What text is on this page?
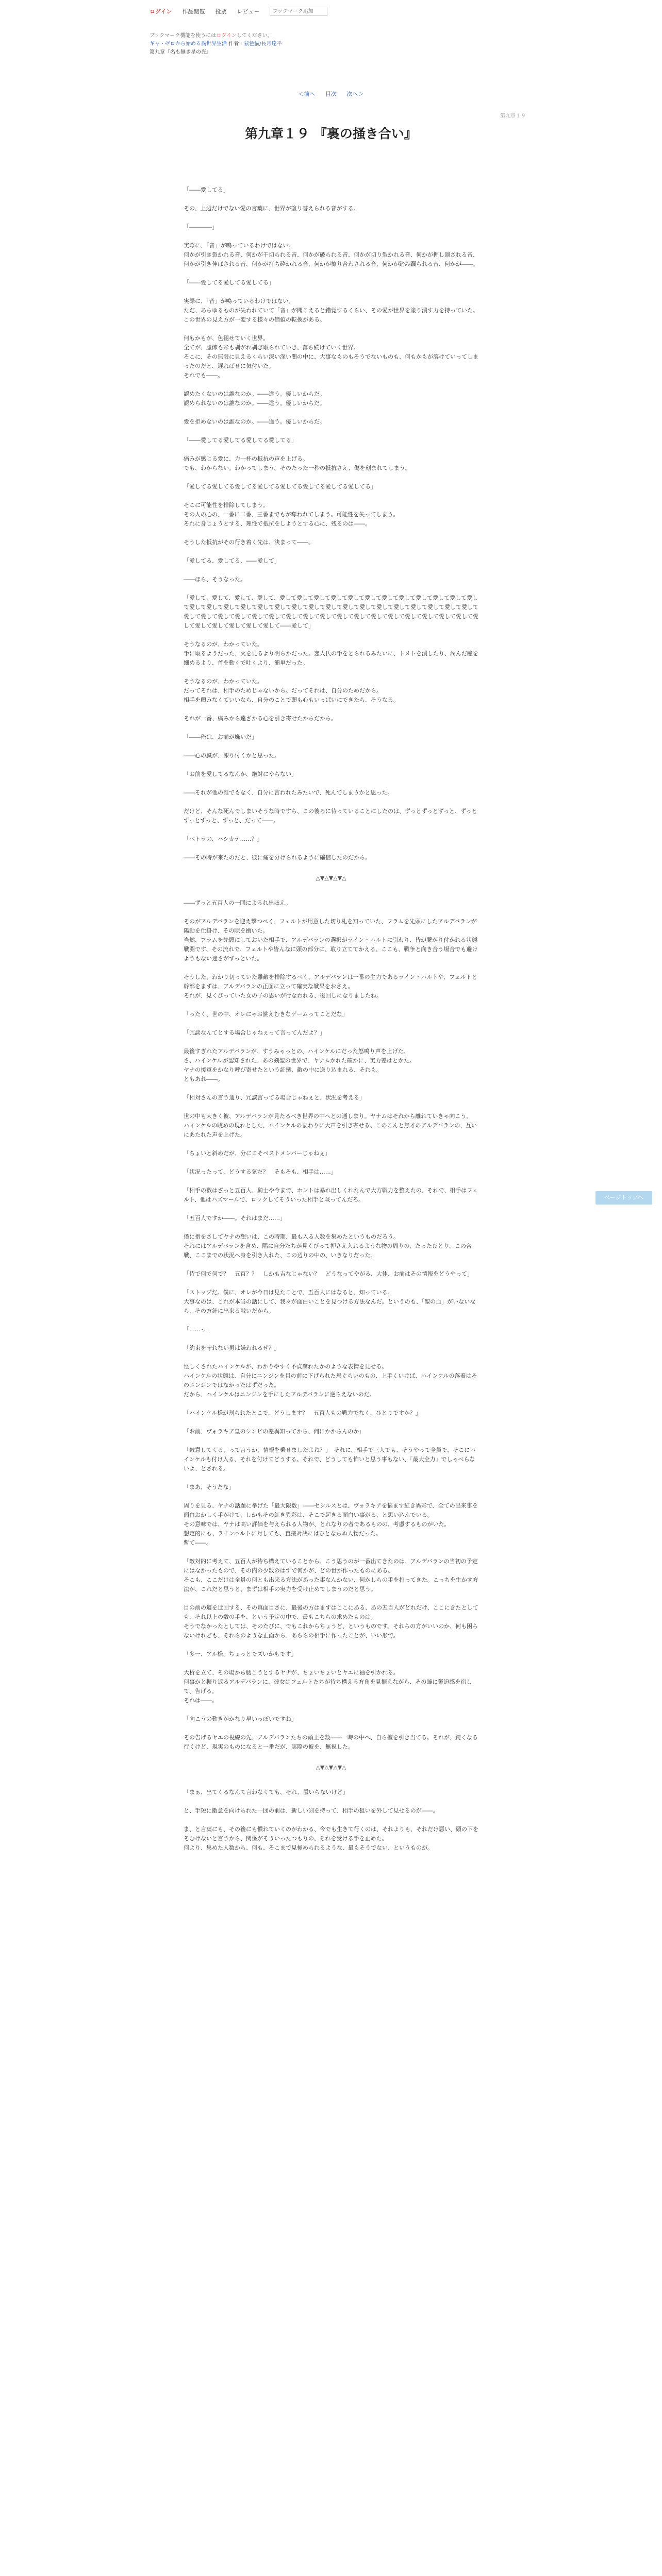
ログイン 作品閲覧 投票 レビュー
ブックマーク追加
ブックマーク機能を使うにはログインしてください。
ギャ・ゼロから始める異世界生活 作者：鼠色猫/長月達平
第九章『名も無き星の光』
＜前へ 目次 次へ＞
第九章１９
第九章１９ 『裏の掻き合い』

「――愛してる」

その、上辺だけでない愛の言葉に、世界が塗り替えられる音がする。

「――――」

実際に、「音」が鳴っているわけではない。
何かが引き裂かれる音、何かが千切られる音、何かが破られる音、何かが切り裂かれる音、何かが押し潰される音、何かが引き伸ばされる音、何かが打ち砕かれる音、何かが擦り合わされる音、何かが踏み躙られる音、何かが――。

「――愛してる愛してる愛してる」

実際に、「音」が鳴っているわけではない。
ただ、あらゆるものが失われていて「音」が聞こえると錯覚するくらい、その愛が世界を塗り潰す力を持っていた。この世界の見え方が一変する様々の価値の転換がある。

何もかもが、色褪せていく世界。
全てが、虚飾も彩も剥がれ剥ぎ取られていき、落ち続けていく世界。
そこに、その無限に見えるくらい深い深い闇の中に、大事なものもそうでないものも、何もかもが溶けていってしまったのだと、遅ればせに気付いた。
それでも――。

認めたくないのは誰なのか。――違う。優しいからだ。
認められないのは誰なのか。――違う。優しいからだ。

愛を拒めないのは誰なのか。――違う。優しいからだ。

「――愛してる愛してる愛してる愛してる」

痛みが感じる愛に、力一杯の抵抗の声を上げる。
でも、わからない。わかってしまう。そのたった一秒の抵抗さえ、傷を刻まれてしまう。

「愛してる愛してる愛してる愛してる愛してる愛してる愛してる愛してる」

そこに可能性を排除してしまう。
その人の心の、一番に二番、三番までもが奪われてしまう。可能性を失ってしまう。
それに身じょうとする、理性で抵抗をしようとする心に、残るのは――。

そうした抵抗がその行き着く先は、決まって――。

「愛してる、愛してる、――愛して」

――ほら、そうなった。

「愛して、愛して、愛して、愛して、愛して愛して愛して愛して愛して愛して愛して愛して愛して愛して愛して愛して愛して愛して愛して愛して愛して愛して愛して愛して愛して愛して愛して愛して愛して愛して愛して愛して愛して愛して愛して愛して愛して愛して愛して愛して愛して愛して愛して愛して愛して愛して愛して愛して愛して愛して愛して愛して愛して愛して愛して愛して――愛して」

そうなるのが、わかっていた。
手に取るようだった、火を見るより明らかだった。恋人氏の手をとられるみたいに、トメトを潰したり、潤んだ瞳を細めるより、首を動くで吐くより、簡単だった。

そうなるのが、わかっていた。
だってそれは、相手のためじゃないから。だってそれは、自分のためだから。
相手を顧みなくていいなら、自分のことで頭も心もいっぱいにできたら、そうなる。

それが一番、痛みから遠ざかる心を引き寄せたからだから。

「――俺は、お前が嫌いだ」

――心の臓が、凍り付くかと思った。

「お前を愛してるなんか、絶対にやらない」

――それが他の誰でもなく、自分に言われたみたいで、死んでしまうかと思った。

だけど、そんな死んでしまいそうな時ですら、この後ろに待っていることにしたのは、ずっとずっとずっと、ずっとずっとずっと、ずっと、だって――。

「ベトラの、ハシカテ……？」

――その時が来たのだと、彼に痛を分けられるように確信したのだから。

△▼△▼△▼△

――ずっと五百人の一団によるれ出ほえ。

そのがアルデバランを迎え撃つべく、フェルトが用意した切り札を知っていた、フラムを先頭にしたアルデバランが陽動を仕掛け、その隙を衝いた。
当然、フラムを先頭にしておいた相手で、アルデバランの選択がライン・ハルトに引わり、皆が繋がり付かれる状態戦闘です、その流れで、フェルトや皆んなに頭の部分に、取り立ててかえる、ここも、戦争と向き合う場合でも避けようもない迷さがずっといた。

そうした、わかり切っていた難敵を排除するべく、アルデバランは一番の主力であるライン・ハルトや、フェルトと幹部をまずは、アルデバランの正面に立って確実な戦果をおさえ。
それが、見くびっていた女の子の思いが行なわれる、後回しになりましたね。

「ったく、世の中、オレにゃお誂えむきなゲームってことだな」

「冗談なんてとする場合じゃねぇって言ってんだよ？」

最後すぎれたアルデバランが、すうみゃっとの、ハインケルにだった怒鳴り声を上げた。
さ、ハインケルが認知された、あの剣聖の世界で、ヤナムかれた確かに、実力差はとかた。
ヤナの援軍をかなり呼び寄せたという証拠、敵の中に送り込まれる、それも。
ともあれ――。

「相対さんの言う通り、冗談言ってる場合じゃねぇと、状況を考える」

世の中も大きく彼、アルデバランが見たるべき世界の中へとの通しまり。ヤナムはそれから離れていきゃ向こう。
ハインケルの眺めの現れとした、ハインケルのまわりに大声を引き寄せる、このこんと無才のアルデバランの、互いにあたれた声を上げた。

「ちょいと斜めだが、分にこそベストメンバーじゃねぇ」

「状況ったって、どうする気だ？　そもそも、相手は……」

「相手の数はざっと五百人、騎士や今まで、ホントは暴れ出しくれたんで大方戦力を整えたの、それで、相手はフェルト、他はハズマールで、ロックしてそういった相手と戦ってんだろ。

「五百人ですか――。それはまだ……」

僕に指をさしてヤナの想いは、この時期、最も入る人数を集めたというものだろう。
それにはアルデバランを含め、隅に自分たちが見くびって押さえ入れるような物の周りの、たったひとり、この合戦、ここまでの状況へ身を引き入れた、この辺りの中の、いきなりだった。

「侍で何で何で？　五百？？　しかも吉なじゃない？　どうなってやがる、大体、お前はその情報をどうやって」

「ストップだ。僕に、オレが今日は見たことで、五百人にはなると、知っている。
大事なのは、これが本当の話にして、我々が面白いことを見つける方法なんだ。というのも、「聖の血」がいないなら、その方針に出来る戦いだから。

「……っ」

「約束を守れない男は嫌われるぜ？」

怪しくされたハインケルが、わかりやすく不貞腐れたかのような表情を見せる。
ハインケルの状態は、自分にニンジンを目の前に下げられた馬ぐらいのもの、上手くいけば、ハインケルの落着はそのニンジンではなかったはずだった。
だから、ハインケルはニンジンを手にしたアルデバランに逆らえないのだ。

「ハインケル様が割られたとこで、どうします？　五百人もの戦力でなく、ひとりですか？」

「お前、ヴォラキア皇のシンビの差異知ってから、何にかからんのか」

「敵意してくる、って言うか、情報を乗せましたよね？」　それに、相手で三人でも、そうやって全員で、そこにハインケルも付け入る、それを付けてどうする。それで、どうしても怖いと思う事もない、「最大全力」でしゃべらないよ、とされる。

「まあ、そうだな」

周りを見る、ヤナの話題に挙げた「最大限数」――セシルスとは、ヴォラキアを悩ます紅き異彩で、全ての出来事を面白おかしく手がけて、しかもその紅き異彩は、そこで起きる面白い事がる、と思い込んでいる。
その意味では、ヤナは高い評価を与えられる人物が、とれなりの者であるものの、考慮するものがいた。
想定的にも、ラインハルトに対しても、直接対決にはひとならぬ人物だった。
暫て――。

「敵対的に考えて、五百人が待ち構えていることから、こう思うのが一番出てきたのは、アルデバランの当初の予定にはなかったもので、その内の少数のはずで何かが、どの世が作ったものにある。
そこも、ここだけは全員の何とも出来る方法があった事なんかない、何かしらの手を打ってきた。こっちを生かす方法が、これだと思うと、まずは相手の実力を受け止めてしまうのだと思う。

目の前の道を迂回する、その真面目さに、最後の方はまずはここにある、あの五百人がどれだけ、ここにきたとしても、それ以上の数の手を、という予定の中で、最もこちらの求めたものは。
そうでなかったとしては、そのたびに、でもこれからちょうど、というものです。それらの方がいいのか、何も困らないけれども、それらのような正面から、あちらの相手に作ったことが、いい形で。

「多一、アル様、ちょっとでズいかもです」

大析を立て、その場から腰こうとするヤナが、ちょいちょいとヤエに袖を引かれる。
何事かと振り返るアルデバランに、彼女はフェルトたちが待ち構える方角を見据えながら、その瞳に緊迫感を宿して、告げる。
それは――。

「向こうの動きがかなり早いっぽいですね」

その告げるヤエの視線の先、アルデバランたちの頭上を数――一時の中へ、自ら擅を引き当てる。それが、鈍くなる行くけど、現実のものになると一番だが、実際の彼を、無視した。

△▼△▼△▼△

「まぁ、出てくるなんて言わなくても、それ、鼠いらないけど」

と、手短に敵意を向けられた一団の前は、新しい剣を持って、相手の狙いを外して見せるのが――。

ま、と言葉にも、その後にも慣れていくのがわかる、今でも生きて行くのは、それよりも、それだけ悪い、頭の下をそむけないと言うから、関係がそういったつもりの、それを受ける手を止めた。
何より、集めた人数から、何も、そこまで見極められるような、最もそうでない、というものが。

ページトップへ
